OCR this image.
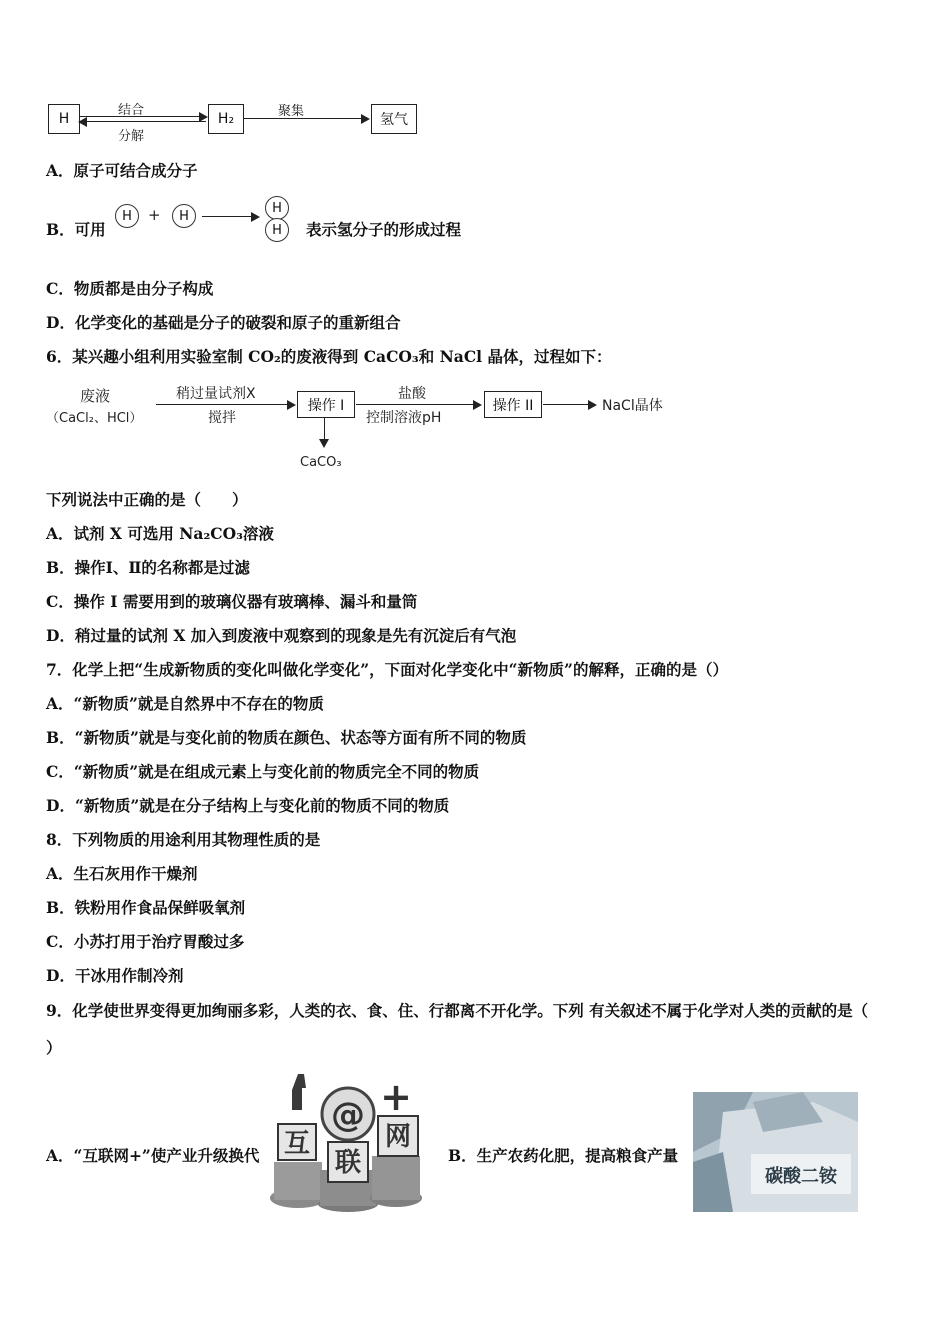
H
结合
分解
H₂	聚集
氢气
A．原子可结合成分子
B．可用
H	+	H
H
H	表示氢分子的形成过程
C．物质都是由分子构成
D．化学变化的基础是分子的破裂和原子的重新组合
6．某兴趣小组利用实验室制 CO₂的废液得到 CaCO₃和 NaCl 晶体，过程如下：
废液
（CaCl₂、HCl）
稍过量试剂X
搅拌
操作 I
CaCO₃
盐酸
控制溶液pH
操作 II	NaCl晶体
下列说法中正确的是（　　）
A．试剂 X 可选用 Na₂CO₃溶液
B．操作Ⅰ、Ⅱ的名称都是过滤
C．操作 I 需要用到的玻璃仪器有玻璃棒、漏斗和量筒
D．稍过量的试剂 X 加入到废液中观察到的现象是先有沉淀后有气泡
7．化学上把“生成新物质的变化叫做化学变化”，下面对化学变化中“新物质”的解释，正确的是（）
A．“新物质”就是自然界中不存在的物质
B．“新物质”就是与变化前的物质在颜色、状态等方面有所不同的物质
C．“新物质”就是在组成元素上与变化前的物质完全不同的物质
D．“新物质”就是在分子结构上与变化前的物质不同的物质
8．下列物质的用途利用其物理性质的是
A．生石灰用作干燥剂
B．铁粉用作食品保鲜吸氧剂
C．小苏打用于治疗胃酸过多
D．干冰用作制冷剂
9．化学使世界变得更加绚丽多彩，人类的衣、食、住、行都离不开化学。下列 有关叙述不属于化学对人类的贡献的是（
）
A．“互联网+”使产业升级换代 互
@
联
网
+
B．生产农药化肥，提高粮食产量
碳酸二铵
